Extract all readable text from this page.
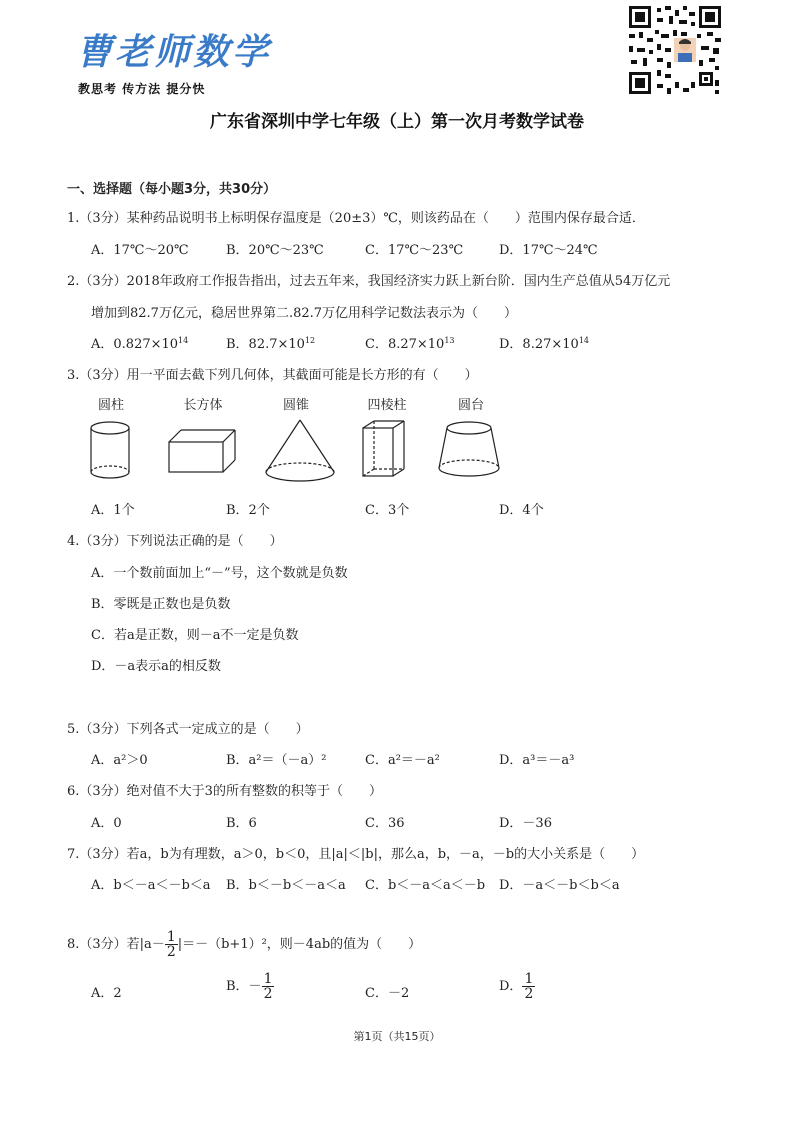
曹老师数学
教思考 传方法 提分快
广东省深圳中学七年级（上）第一次月考数学试卷
一、选择题（每小题3分，共30分）
1.（3分）某种药品说明书上标明保存温度是（20±3）℃，则该药品在（　　）范围内保存最合适．
A．17℃～20℃	B．20℃～23℃	C．17℃～23℃	D．17℃～24℃
2.（3分）2018年政府工作报告指出，过去五年来，我国经济实力跃上新台阶．国内生产总值从54万亿元
增加到82.7万亿元，稳居世界第二.82.7万亿用科学记数法表示为（　　）
A．$0.827\times 10^{14}$	B．$82.7\times 10^{12}$	C．$8.27\times 10^{13}$	D．$8.27\times 10^{14}$
3.（3分）用一平面去截下列几何体，其截面可能是长方形的有（　　）
圆柱	长方体	圆锥	四棱柱	圆台
A．1个	B．2个	C．3个	D．4个
4.（3分）下列说法正确的是（　　）
A．一个数前面加上“－”号，这个数就是负数
B．零既是正数也是负数
C．若a是正数，则－a不一定是负数
D．－a表示a的相反数
5.（3分）下列各式一定成立的是（　　）
A．a²＞0	B．a²＝（－a）²	C．a²＝－a²	D．a³＝－a³
6.（3分）绝对值不大于3的所有整数的积等于（　　）
A．0	B．6	C．36	D．－36
7.（3分）若a，b为有理数，a＞0，b＜0，且|a|＜|b|，那么a，b，－a，－b的大小关系是（　　）
A．b＜－a＜－b＜a B．b＜－b＜－a＜a C．b＜－a＜a＜－b D．－a＜－b＜b＜a
8.（3分）若$|a- \frac{1}{2} |=-(b+1)^2$，则－4ab的值为（　　）
A．2	B．－ $\frac{1}{2}$	C．－2	D． $\frac{1}{2}$
第1页（共15页）
